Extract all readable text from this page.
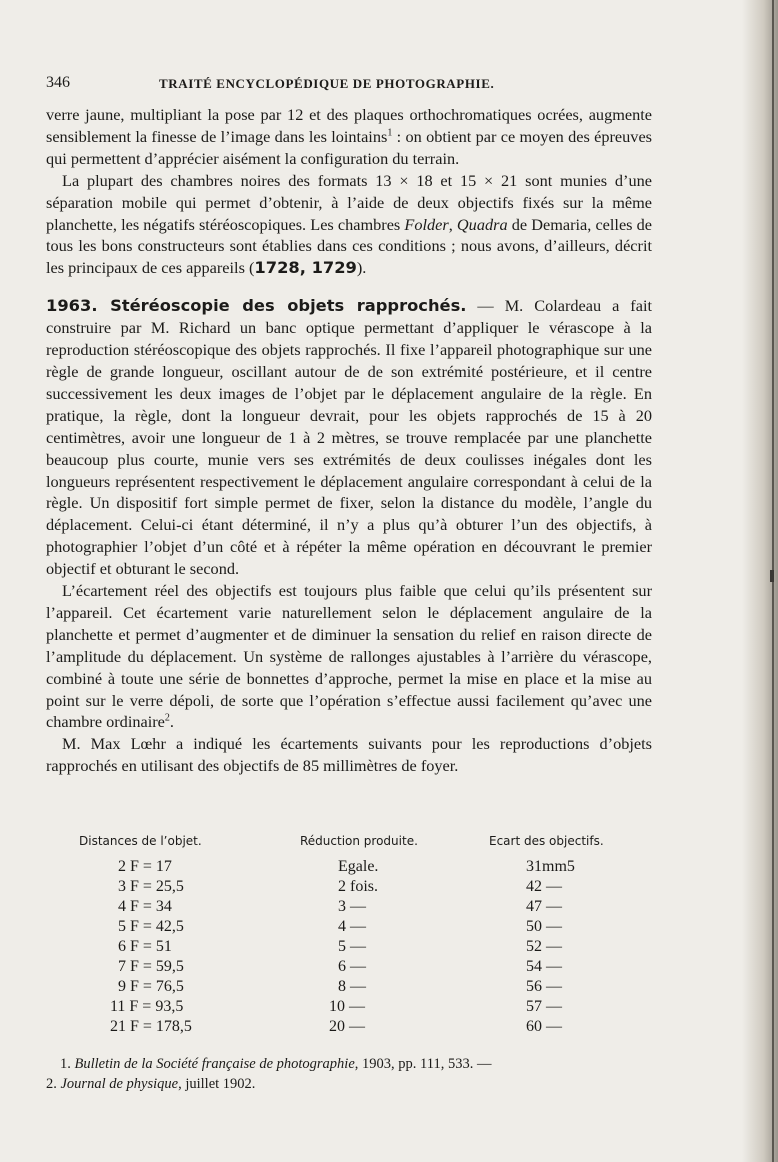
346	TRAITÉ ENCYCLOPÉDIQUE DE PHOTOGRAPHIE.

verre jaune, multipliant la pose par 12 et des plaques orthochromatiques ocrées, augmente sensiblement la finesse de l’image dans les lointains$^1$ : on obtient par ce moyen des épreuves qui permettent d’apprécier aisément la configuration du terrain.

La plupart des chambres noires des formats 13 × 18 et 15 × 21 sont munies d’une séparation mobile qui permet d’obtenir, à l’aide de deux objectifs fixés sur la même planchette, les négatifs stéréoscopiques. Les chambres Folder, Quadra de Demaria, celles de tous les bons constructeurs sont établies dans ces conditions ; nous avons, d’ailleurs, décrit les principaux de ces appareils (1728, 1729).

1963. Stéréoscopie des objets rapprochés. — M. Colardeau a fait construire par M. Richard un banc optique permettant d’appliquer le vérascope à la reproduction stéréoscopique des objets rapprochés. Il fixe l’appareil photographique sur une règle de grande longueur, oscillant autour de de son extrémité postérieure, et il centre successivement les deux images de l’objet par le déplacement angulaire de la règle. En pratique, la règle, dont la longueur devrait, pour les objets rapprochés de 15 à 20 centimètres, avoir une longueur de 1 à 2 mètres, se trouve remplacée par une planchette beaucoup plus courte, munie vers ses extrémités de deux coulisses inégales dont les longueurs représentent respectivement le déplacement angulaire correspondant à celui de la règle. Un dispositif fort simple permet de fixer, selon la distance du modèle, l’angle du déplacement. Celui-ci étant déterminé, il n’y a plus qu’à obturer l’un des objectifs, à photographier l’objet d’un côté et à répéter la même opération en découvrant le premier objectif et obturant le second.

L’écartement réel des objectifs est toujours plus faible que celui qu’ils présentent sur l’appareil. Cet écartement varie naturellement selon le déplacement angulaire de la planchette et permet d’augmenter et de diminuer la sensation du relief en raison directe de l’amplitude du déplacement. Un système de rallonges ajustables à l’arrière du vérascope, combiné à toute une série de bonnettes d’approche, permet la mise en place et la mise au point sur le verre dépoli, de sorte que l’opération s’effectue aussi facilement qu’avec une chambre ordinaire$^2$.

M. Max Lœhr a indiqué les écartements suivants pour les reproductions d’objets rapprochés en utilisant des objectifs de 85 millimètres de foyer.

Distances de l’objet.	Réduction produite.	Ecart des objectifs.
2 F = 17	Egale.	31mm5
3 F = 25,5	2 fois.	42 —
4 F = 34	3 —	47 —
5 F = 42,5	4 —	50 —
6 F = 51	5 —	52 —
7 F = 59,5	6 —	54 —
9 F = 76,5	8 —	56 —
11 F = 93,5	10 —	57 —
21 F = 178,5	20 —	60 —

1. Bulletin de la Société française de photographie, 1903, pp. 111, 533. —

2. Journal de physique, juillet 1902.
